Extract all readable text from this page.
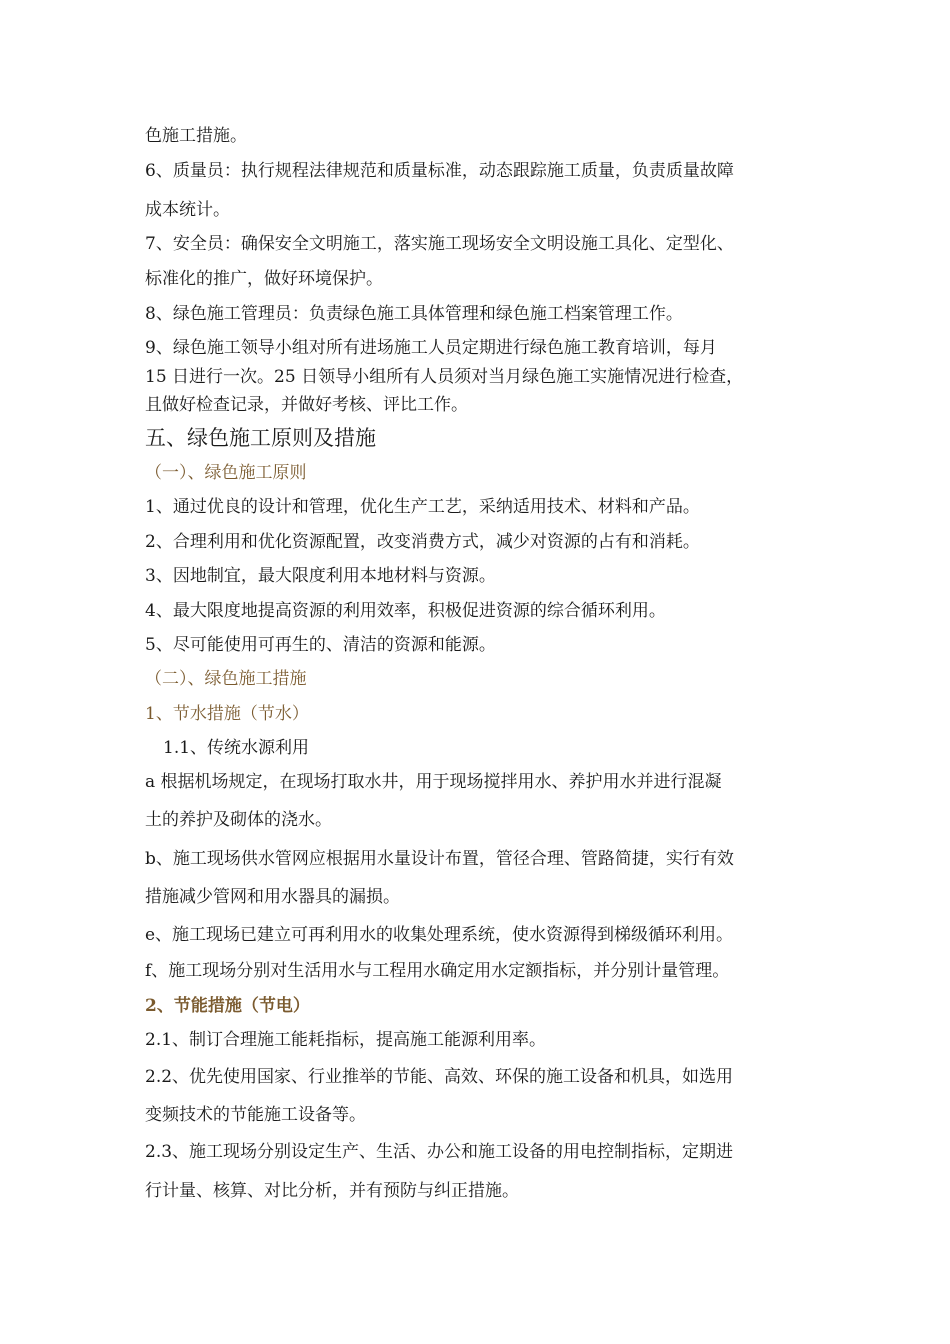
色施工措施。
6、质量员：执行规程法律规范和质量标准，动态跟踪施工质量，负责质量故障
成本统计。
7、安全员：确保安全文明施工，落实施工现场安全文明设施工具化、定型化、
标准化的推广，做好环境保护。
8、绿色施工管理员：负责绿色施工具体管理和绿色施工档案管理工作。
9、绿色施工领导小组对所有进场施工人员定期进行绿色施工教育培训，每月
15 日进行一次。25 日领导小组所有人员须对当月绿色施工实施情况进行检查，
且做好检查记录，并做好考核、评比工作。
五、绿色施工原则及措施
（一）、绿色施工原则
1、通过优良的设计和管理，优化生产工艺，采纳适用技术、材料和产品。
2、合理利用和优化资源配置，改变消费方式，减少对资源的占有和消耗。
3、因地制宜，最大限度利用本地材料与资源。
4、最大限度地提高资源的利用效率，积极促进资源的综合循环利用。
5、尽可能使用可再生的、清洁的资源和能源。
（二）、绿色施工措施
1、节水措施（节水）
1.1、传统水源利用
a 根据机场规定，在现场打取水井，用于现场搅拌用水、养护用水并进行混凝
土的养护及砌体的浇水。
b、施工现场供水管网应根据用水量设计布置，管径合理、管路简捷，实行有效
措施减少管网和用水器具的漏损。
e、施工现场已建立可再利用水的收集处理系统，使水资源得到梯级循环利用。
f、施工现场分别对生活用水与工程用水确定用水定额指标，并分别计量管理。
2、节能措施（节电）
2.1、制订合理施工能耗指标，提高施工能源利用率。
2.2、优先使用国家、行业推举的节能、高效、环保的施工设备和机具，如选用
变频技术的节能施工设备等。
2.3、施工现场分别设定生产、生活、办公和施工设备的用电控制指标，定期进
行计量、核算、对比分析，并有预防与纠正措施。
